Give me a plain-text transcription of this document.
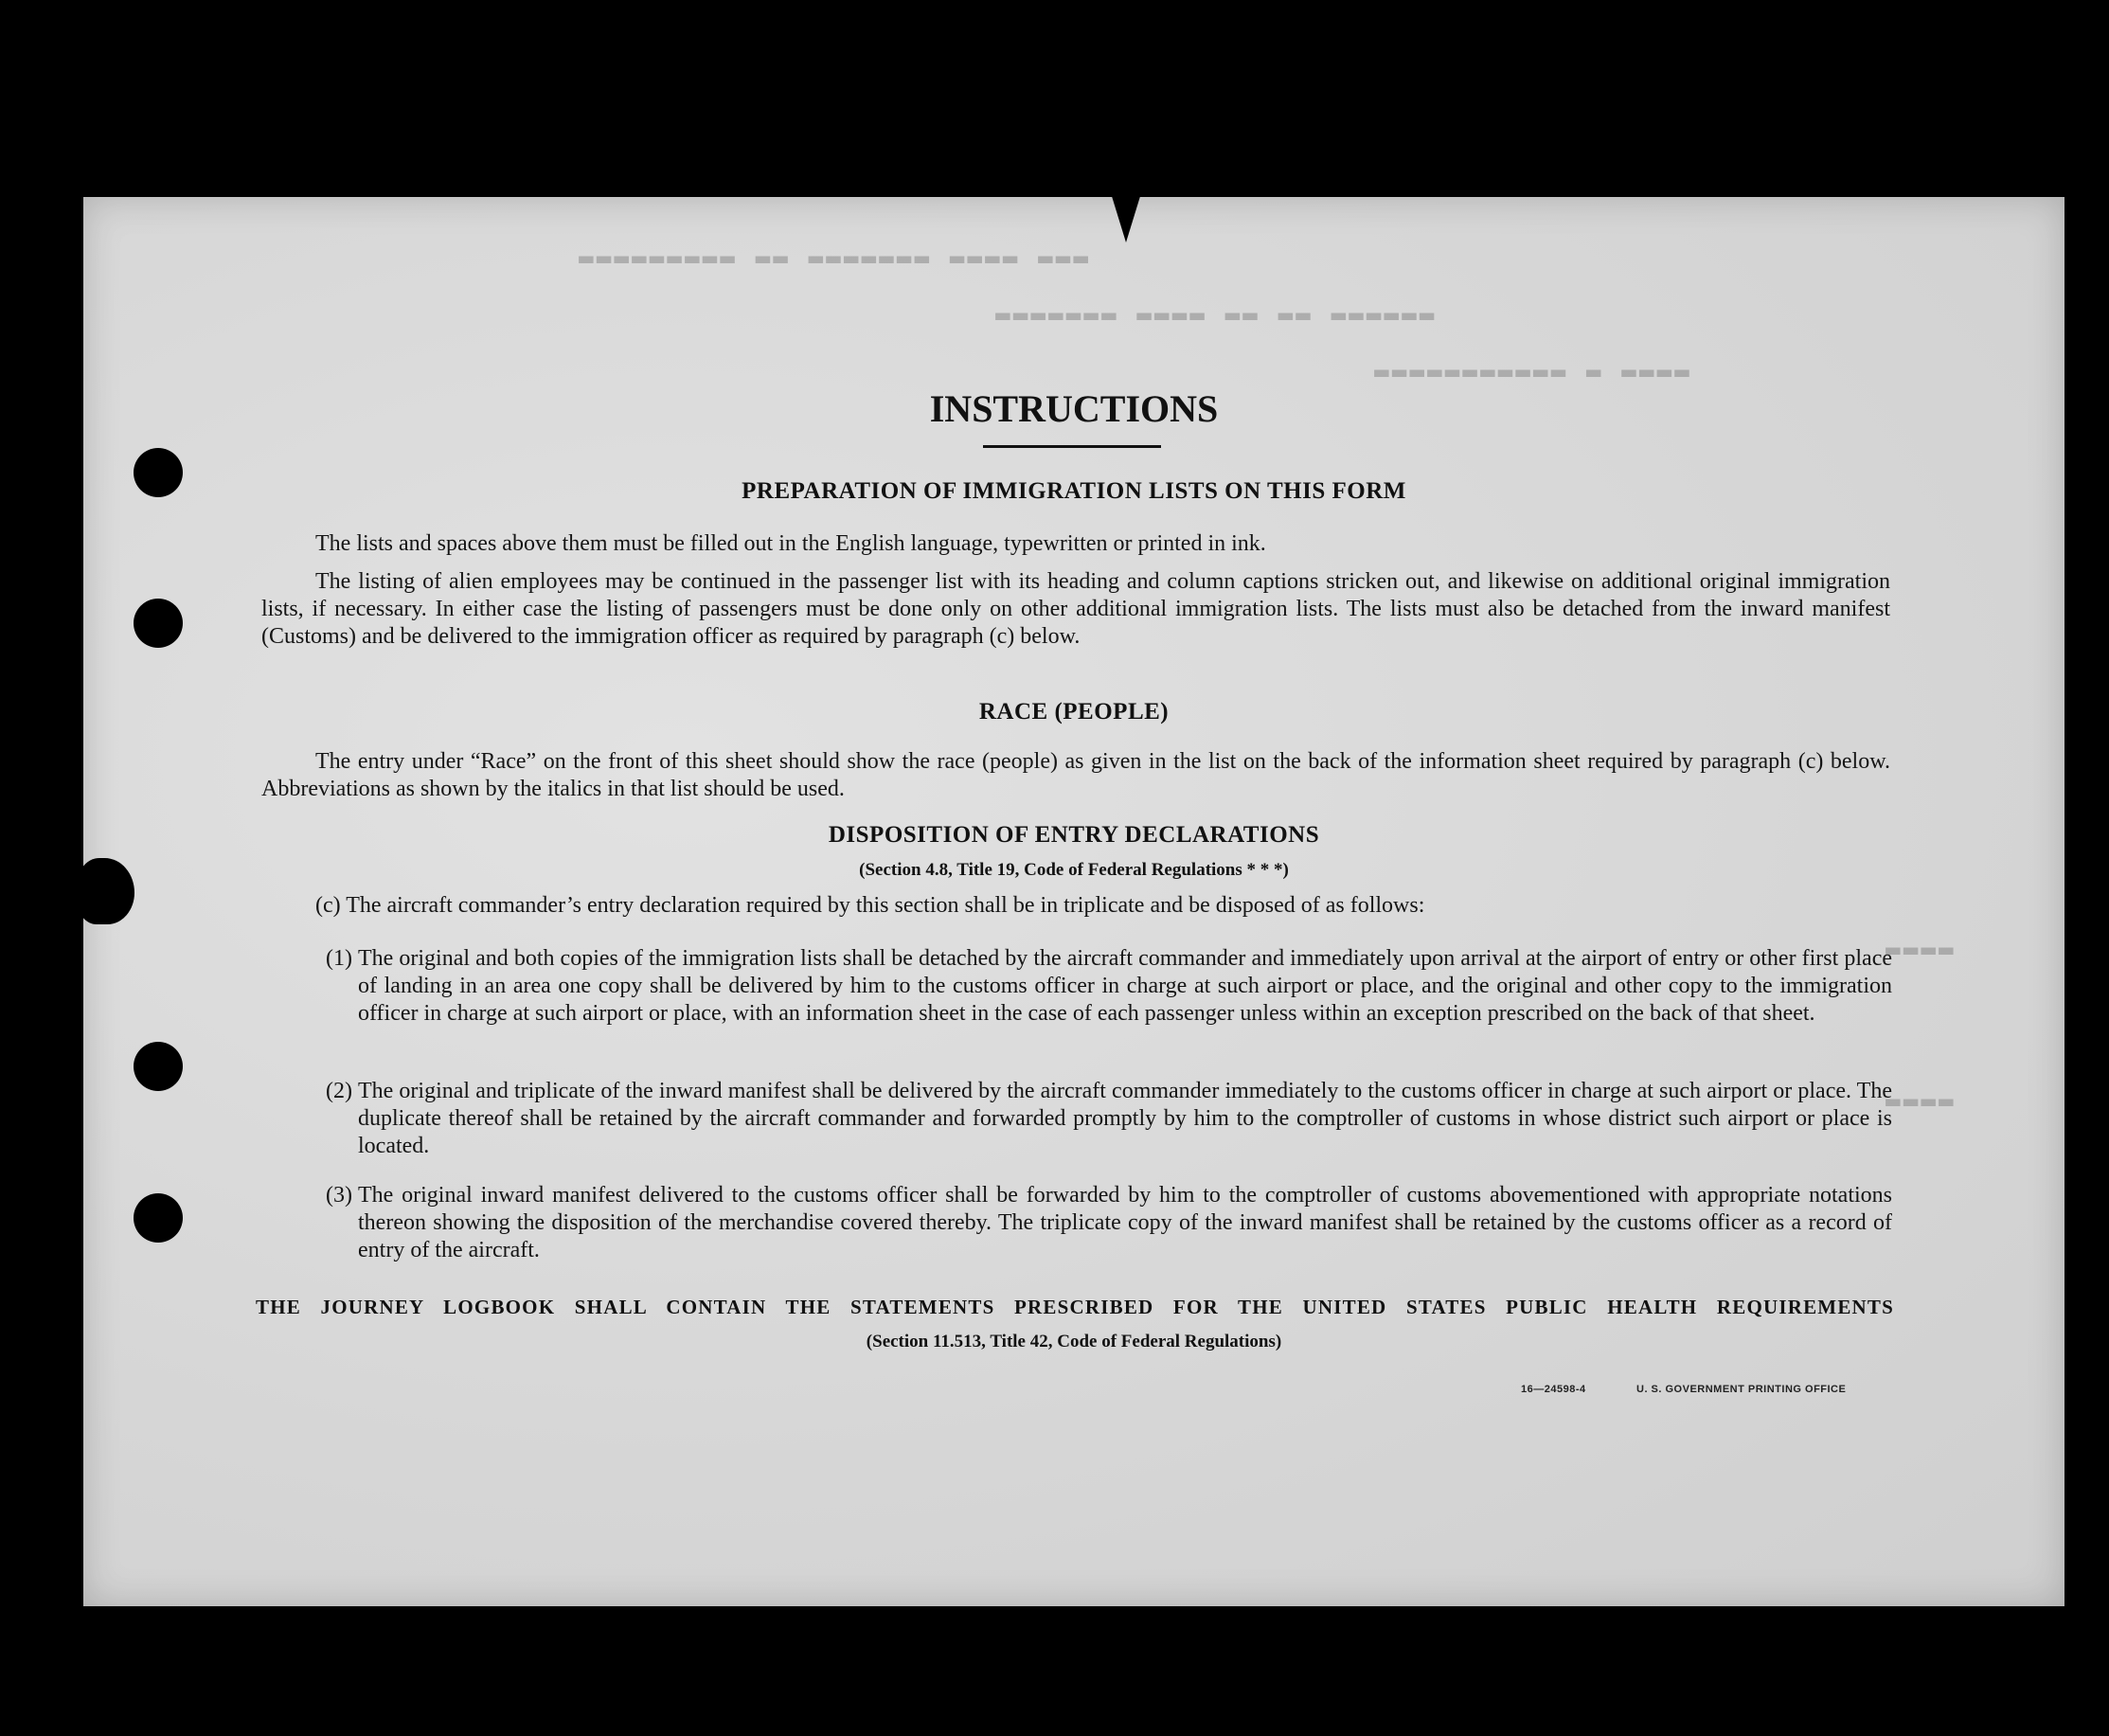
▬▬▬ ▬▬▬▬ ▬▬▬▬▬▬▬ ▬▬ ▬▬▬▬▬▬▬▬▬
▬▬▬▬▬▬ ▬▬ ▬▬ ▬▬▬▬ ▬▬▬▬▬▬▬
▬▬▬▬ ▬ ▬▬▬▬▬▬▬▬▬▬▬
▬▬▬▬
▬▬▬▬
INSTRUCTIONS
PREPARATION OF IMMIGRATION LISTS ON THIS FORM
The lists and spaces above them must be filled out in the English language, typewritten or printed in ink.
The listing of alien employees may be continued in the passenger list with its heading and column captions stricken out, and likewise on additional original immigration lists, if necessary. In either case the listing of passengers must be done only on other additional immigration lists. The lists must also be detached from the inward manifest (Customs) and be delivered to the immigration officer as required by paragraph (c) below.
RACE (PEOPLE)
The entry under “Race” on the front of this sheet should show the race (people) as given in the list on the back of the information sheet required by paragraph (c) below. Abbreviations as shown by the italics in that list should be used.
DISPOSITION OF ENTRY DECLARATIONS
(Section 4.8, Title 19, Code of Federal Regulations * * *)
(c) The aircraft commander’s entry declaration required by this section shall be in triplicate and be disposed of as follows:
(1) The original and both copies of the immigration lists shall be detached by the aircraft commander and immediately upon arrival at the airport of entry or other first place of landing in an area one copy shall be delivered by him to the customs officer in charge at such airport or place, and the original and other copy to the immigration officer in charge at such airport or place, with an information sheet in the case of each passenger unless within an exception prescribed on the back of that sheet.
(2) The original and triplicate of the inward manifest shall be delivered by the aircraft commander immediately to the customs officer in charge at such airport or place. The duplicate thereof shall be retained by the aircraft commander and forwarded promptly by him to the comptroller of customs in whose district such airport or place is located.
(3) The original inward manifest delivered to the customs officer shall be forwarded by him to the comptroller of customs abovementioned with appropriate notations thereon showing the disposition of the merchandise covered thereby. The triplicate copy of the inward manifest shall be retained by the customs officer as a record of entry of the aircraft.
THE JOURNEY LOGBOOK SHALL CONTAIN THE STATEMENTS PRESCRIBED FOR THE UNITED STATES PUBLIC HEALTH REQUIREMENTS
(Section 11.513, Title 42, Code of Federal Regulations)
16—24598-4	U. S. GOVERNMENT PRINTING OFFICE
